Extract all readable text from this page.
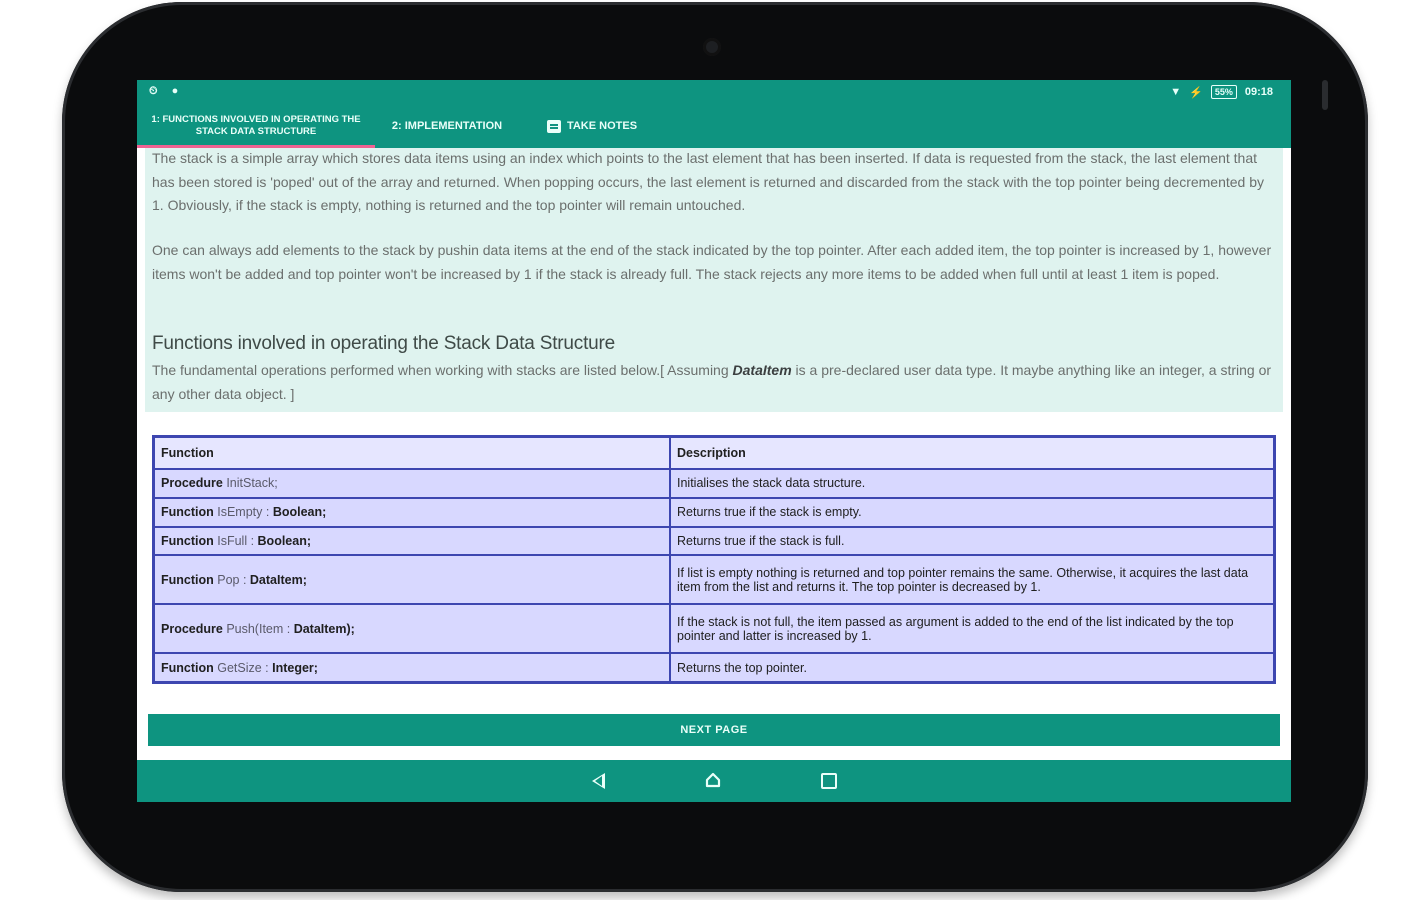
⏲ ●	▼ ⚡	55%	09:18
1: FUNCTIONS INVOLVED IN OPERATING THE STACK DATA STRUCTURE	2: IMPLEMENTATION	TAKE NOTES

The stack is a simple array which stores data items using an index which points to the last element that has been inserted. If data is requested from the stack, the last element that has been stored is 'poped' out of the array and returned. When popping occurs, the last element is returned and discarded from the stack with the top pointer being decremented by 1. Obviously, if the stack is empty, nothing is returned and the top pointer will remain untouched.

One can always add elements to the stack by pushin data items at the end of the stack indicated by the top pointer. After each added item, the top pointer is increased by 1, however items won't be added and top pointer won't be increased by 1 if the stack is already full. The stack rejects any more items to be added when full until at least 1 item is poped.

Functions involved in operating the Stack Data Structure

The fundamental operations performed when working with stacks are listed below.[ Assuming DataItem is a pre-declared user data type. It maybe anything like an integer, a string or any other data object. ]

Function	Description
Procedure InitStack;	Initialises the stack data structure.
Function IsEmpty : Boolean;	Returns true if the stack is empty.
Function IsFull : Boolean;	Returns true if the stack is full.
Function Pop : DataItem;	If list is empty nothing is returned and top pointer remains the same. Otherwise, it acquires the last data item from the list and returns it. The top pointer is decreased by 1.
Procedure Push(Item : DataItem);	If the stack is not full, the item passed as argument is added to the end of the list indicated by the top pointer and latter is increased by 1.
Function GetSize : Integer;	Returns the top pointer.
NEXT PAGE
